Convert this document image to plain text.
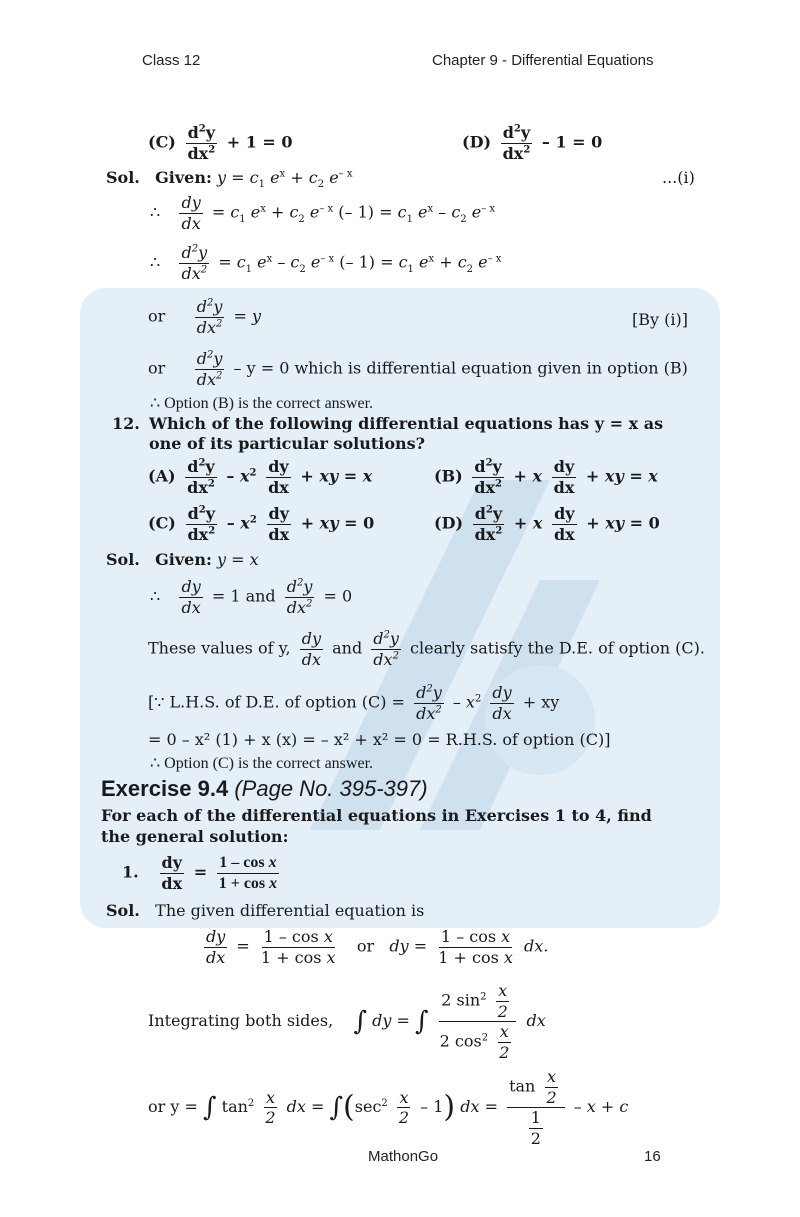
Class 12	Chapter 9 - Differential Equations
$(C) \frac{d^2y}{dx^2} + 1 = 0$	$(D) \frac{d^2y}{dx^2} - 1 = 0$
Sol. Given: $y = c_1$ $e^x + c_2$ $e^{- x}$	...(i)
∴ $\frac{dy}{dx} = c_1$ $e^x + c_2$ $e^{- x}$ (– $1) = c_1$ $e^x - c_2$ $e^{- x}$
∴ $\frac{d^2y}{dx^2} = c_1$ $e^x - c_2$ $e^{- x}$ (– $1) = c_1$ $e^x + c_2$ $e^{- x}$
or $\frac{d^2y}{dx^2} = y$	[By (i)]
or $\frac{d^2y}{dx^2} - y = 0$ which is differential equation given in option (B)
∴ Option (B) is the correct answer.
12. Which of the following differential equations has y = x as
one of its particular solutions?
$(A) \frac{d^2y}{dx^2} - x^2 \frac{dy}{dx}$ + xy = x	$(B) \frac{d^2y}{dx^2} + x \frac{dy}{dx}$ + xy = x
$(C) \frac{d^2y}{dx^2} - x^2 \frac{dy}{dx}$ + xy = 0	$(D) \frac{d^2y}{dx^2} + x \frac{dy}{dx}$ + xy = 0
Sol. Given: y = x
∴ $\frac{dy}{dx} = 1$ and $\frac{d^2y}{dx^2} = 0$
These values of y, $\frac{dy}{dx}$ and $\frac{d^2y}{dx^2}$ clearly satisfy the D.E. of option (C).
[∵ L.H.S. of D.E. of option $(C) = \frac{d^2y}{dx^2} - x^2 \frac{dy}{dx}$ + xy
= 0 – x² (1) + x (x) = – x² + x² = 0 = R.H.S. of option (C)]
∴ Option (C) is the correct answer.
Exercise 9.4 (Page No. 395-397)
For each of the differential equations in Exercises 1 to 4, find
the general solution:
1. $\frac{dy}{dx} = \frac{\text{1 – cos x}}{\text{1 + cos x}}$
Sol. The given differential equation is
$\frac{dy}{dx} = \frac{\text{1 – cos x}}{\text{1 + cos x}}$ or dy = $\frac{\text{1 – cos x}}{\text{1 + cos x}}$ dx.
Integrating both sides, ∫ dy = ∫ $\frac{2 \sin^2 \frac{x}{2}}{2 \cos^2 \frac{x}{2}}$ dx
or y = ∫ $\tan^2 \frac{x}{2}$ dx = $\int(\sec^2 \frac{x}{2} - 1)$ dx = $\frac{\tan \frac{x}{2}}{\frac{1}{2}} - x + c$
MathonGo	16
